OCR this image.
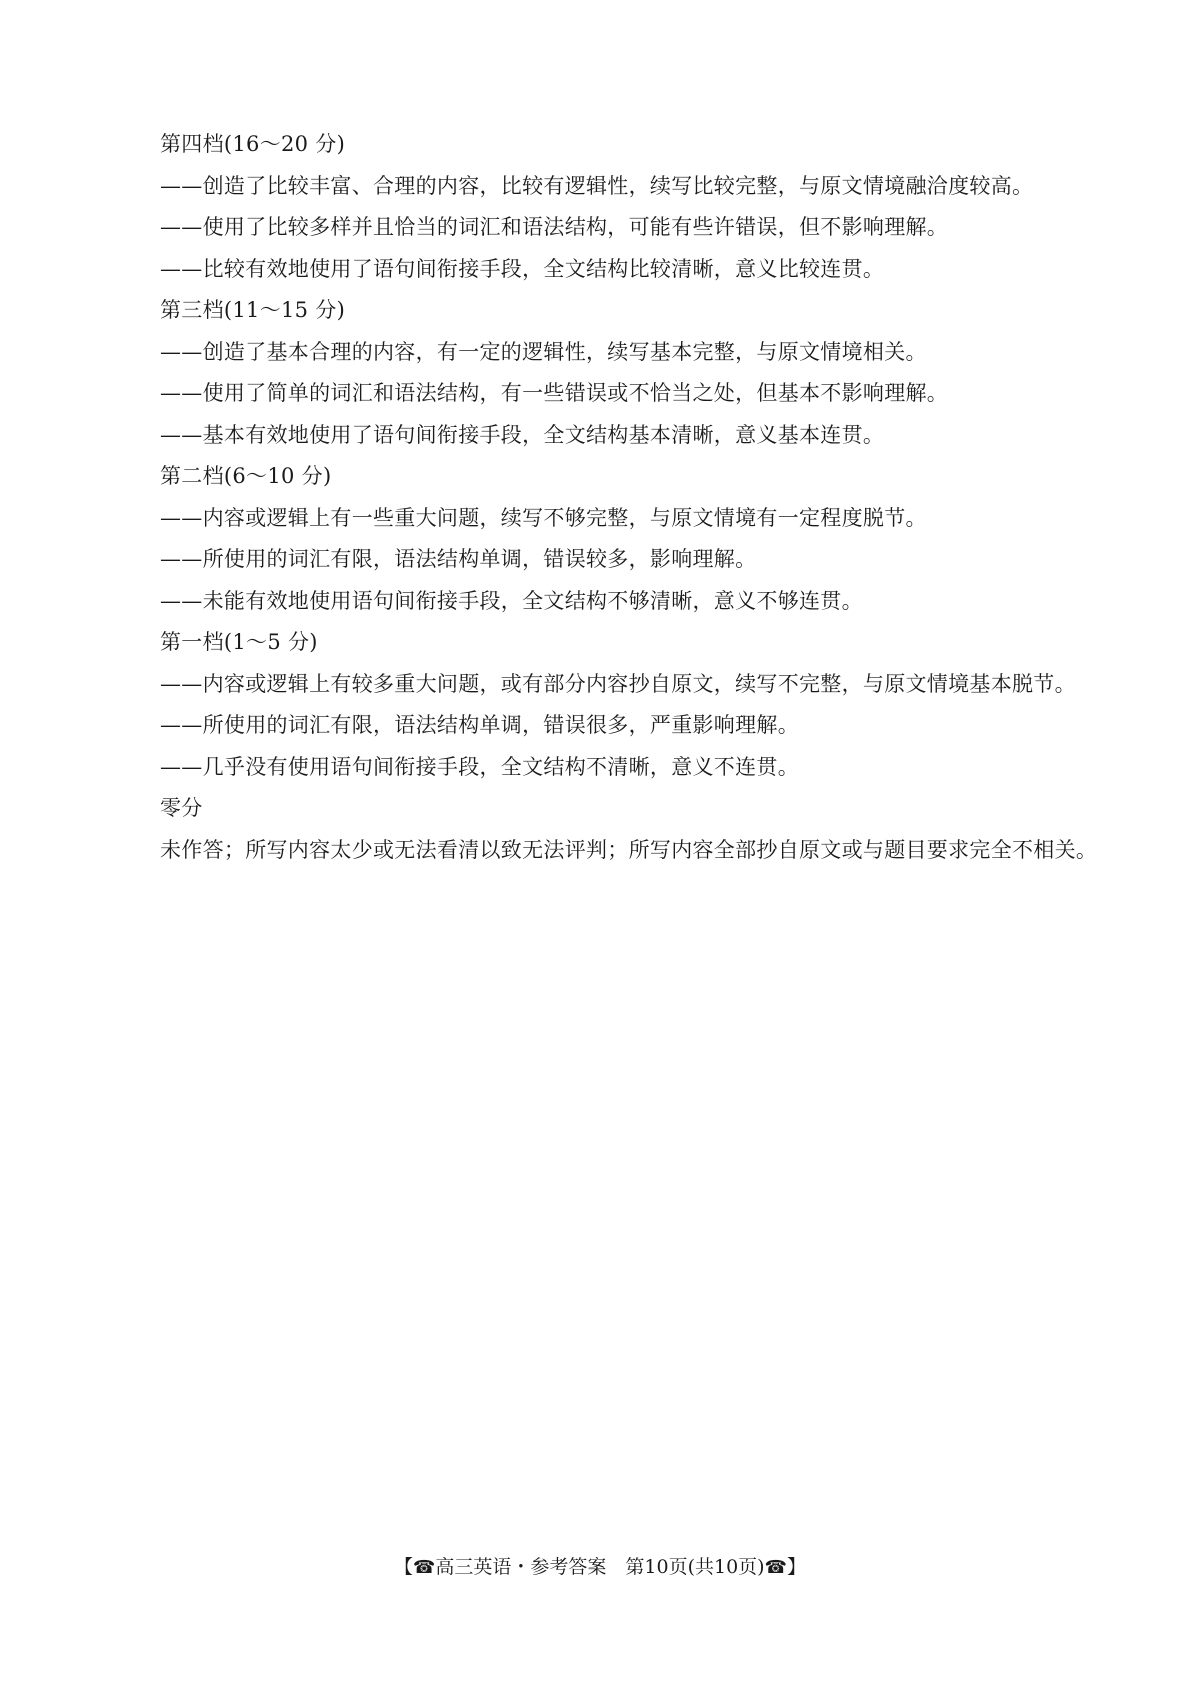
第四档(16～20 分)
——创造了比较丰富、合理的内容，比较有逻辑性，续写比较完整，与原文情境融洽度较高。
——使用了比较多样并且恰当的词汇和语法结构，可能有些许错误，但不影响理解。
——比较有效地使用了语句间衔接手段，全文结构比较清晰，意义比较连贯。
第三档(11～15 分)
——创造了基本合理的内容，有一定的逻辑性，续写基本完整，与原文情境相关。
——使用了简单的词汇和语法结构，有一些错误或不恰当之处，但基本不影响理解。
——基本有效地使用了语句间衔接手段，全文结构基本清晰，意义基本连贯。
第二档(6～10 分)
——内容或逻辑上有一些重大问题，续写不够完整，与原文情境有一定程度脱节。
——所使用的词汇有限，语法结构单调，错误较多，影响理解。
——未能有效地使用语句间衔接手段，全文结构不够清晰，意义不够连贯。
第一档(1～5 分)
——内容或逻辑上有较多重大问题，或有部分内容抄自原文，续写不完整，与原文情境基本脱节。
——所使用的词汇有限，语法结构单调，错误很多，严重影响理解。
——几乎没有使用语句间衔接手段，全文结构不清晰，意义不连贯。
零分
未作答；所写内容太少或无法看清以致无法评判；所写内容全部抄自原文或与题目要求完全不相关。
【☎高三英语・参考答案　第10页(共10页)☎】
